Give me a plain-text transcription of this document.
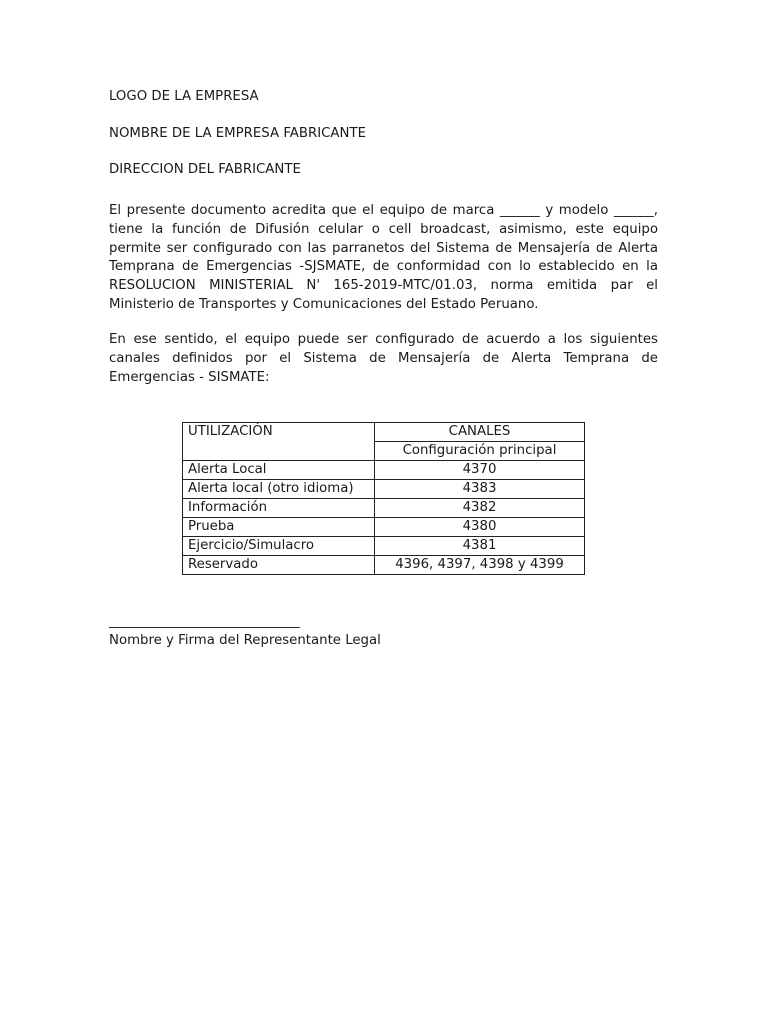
LOGO DE LA EMPRESA
NOMBRE DE LA EMPRESA FABRICANTE
DIRECCION DEL FABRICANTE
El presente documento acredita que el equipo de marca ______ y modelo ______, tiene la función de Difusión celular o cell broadcast, asimismo, este equipo permite ser configurado con las parranetos del Sistema de Mensajería de Alerta Temprana de Emergencias -SJSMATE, de conformidad con lo establecido en la RESOLUCION MINISTERIAL N' 165-2019-MTC/01.03, norma emitida par el Ministerio de Transportes y Comunicaciones del Estado Peruano.
En ese sentido, el equipo puede ser configurado de acuerdo a los siguientes canales definidos por el Sistema de Mensajería de Alerta Temprana de Emergencias - SISMATE:
UTILIZACIÓN	CANALES
	Configuración principal
Alerta Local	4370
Alerta local (otro idioma)	4383
Información	4382
Prueba	4380
Ejercicio/Simulacro	4381
Reservado	4396, 4397, 4398 y 4399
______________________________
Nombre y Firma del Representante Legal
